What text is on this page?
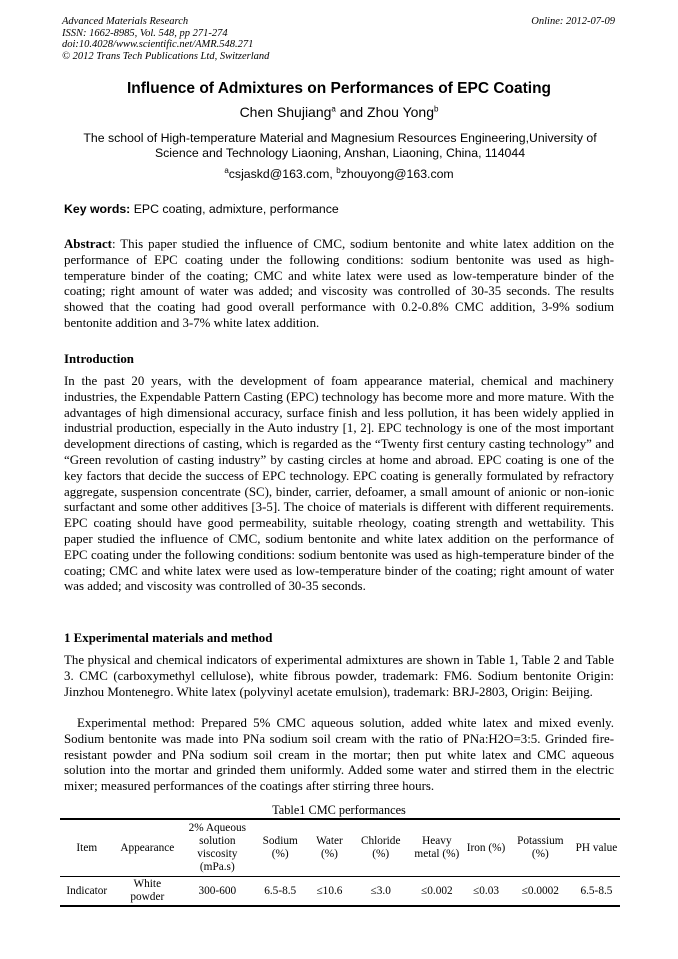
Advanced Materials Research
ISSN: 1662-8985, Vol. 548, pp 271-274
doi:10.4028/www.scientific.net/AMR.548.271
© 2012 Trans Tech Publications Ltd, Switzerland
Online: 2012-07-09
Influence of Admixtures on Performances of EPC Coating
Chen Shujiang$^a$ and Zhou Yong$^b$
The school of High-temperature Material and Magnesium Resources Engineering,University of Science and Technology Liaoning, Anshan, Liaoning, China, 114044
$^a$csjaskd@163.com, $^b$zhouyong@163.com
Key words: EPC coating, admixture, performance
Abstract: This paper studied the influence of CMC, sodium bentonite and white latex addition on the performance of EPC coating under the following conditions: sodium bentonite was used as high-temperature binder of the coating; CMC and white latex were used as low-temperature binder of the coating; right amount of water was added; and viscosity was controlled of 30-35 seconds. The results showed that the coating had good overall performance with 0.2-0.8% CMC addition, 3-9% sodium bentonite addition and 3-7% white latex addition.
Introduction
In the past 20 years, with the development of foam appearance material, chemical and machinery industries, the Expendable Pattern Casting (EPC) technology has become more and more mature. With the advantages of high dimensional accuracy, surface finish and less pollution, it has been widely applied in industrial production, especially in the Auto industry [1, 2]. EPC technology is one of the most important development directions of casting, which is regarded as the “Twenty first century casting technology” and “Green revolution of casting industry” by casting circles at home and abroad. EPC coating is one of the key factors that decide the success of EPC technology. EPC coating is generally formulated by refractory aggregate, suspension concentrate (SC), binder, carrier, defoamer, a small amount of anionic or non-ionic surfactant and some other additives [3-5]. The choice of materials is different with different requirements. EPC coating should have good permeability, suitable rheology, coating strength and wettability. This paper studied the influence of CMC, sodium bentonite and white latex addition on the performance of EPC coating under the following conditions: sodium bentonite was used as high-temperature binder of the coating; CMC and white latex were used as low-temperature binder of the coating; right amount of water was added; and viscosity was controlled of 30-35 seconds.
1 Experimental materials and method
The physical and chemical indicators of experimental admixtures are shown in Table 1, Table 2 and Table 3. CMC (carboxymethyl cellulose), white fibrous powder, trademark: FM6. Sodium bentonite Origin: Jinzhou Montenegro. White latex (polyvinyl acetate emulsion), trademark: BRJ-2803, Origin: Beijing.
Experimental method: Prepared 5% CMC aqueous solution, added white latex and mixed evenly. Sodium bentonite was made into PNa sodium soil cream with the ratio of PNa:H2O=3:5. Grinded fire-resistant powder and PNa sodium soil cream in the mortar; then put white latex and CMC aqueous solution into the mortar and grinded them uniformly. Added some water and stirred them in the electric mixer; measured performances of the coatings after stirring three hours.
Table1 CMC performances
Item	Appearance	2% Aqueous solution viscosity (mPa.s)	Sodium (%)	Water (%)	Chloride (%)	Heavy metal (%)	Iron (%)	Potassium (%)	PH value
Indicator	White powder	300-600	6.5-8.5	≤10.6	≤3.0	≤0.002	≤0.03	≤0.0002	6.5-8.5
